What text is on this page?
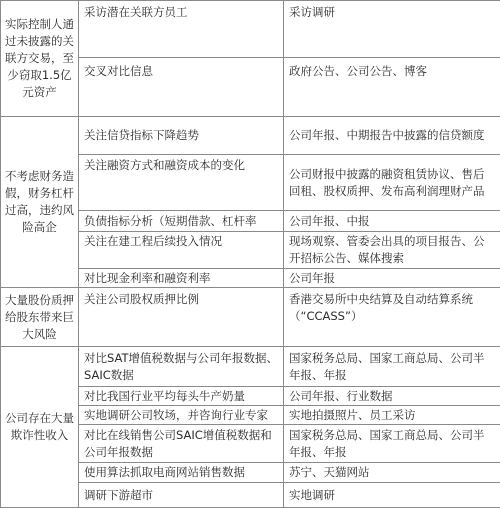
实际控制人通过未披露的关联方交易，至少窃取1.5亿元资产	采访潜在关联方员工	采访调研
	交叉对比信息	政府公告、公司公告、博客
不考虑财务造假，财务杠杆过高，违约风险高企	关注信贷指标下降趋势	公司年报、中期报告中披露的信贷额度
	关注融资方式和融资成本的变化	公司财报中披露的融资租赁协议、售后回租、股权质押、发布高利润理财产品
	负债指标分析（短期借款、杠杆率	公司年报、中报
	关注在建工程后续投入情况	现场观察、管委会出具的项目报告、公开招标公告、媒体搜索
	对比现金利率和融资利率	公司年报
大量股份质押给股东带来巨大风险	关注公司股权质押比例	香港交易所中央结算及自动结算系统（“CCASS”）
公司存在大量欺诈性收入	对比SAT增值税数据与公司年报数据、SAIC数据	国家税务总局、国家工商总局、公司半年报、年报
	对比我国行业平均每头牛产奶量	公司年报、行业数据
	实地调研公司牧场，并咨询行业专家	实地拍摄照片、员工采访
	对比在线销售公司SAIC增值税数据和公司年报数据	国家税务总局、国家工商总局、公司半年报、年报
	使用算法抓取电商网站销售数据	苏宁、天猫网站
	调研下游超市	实地调研
